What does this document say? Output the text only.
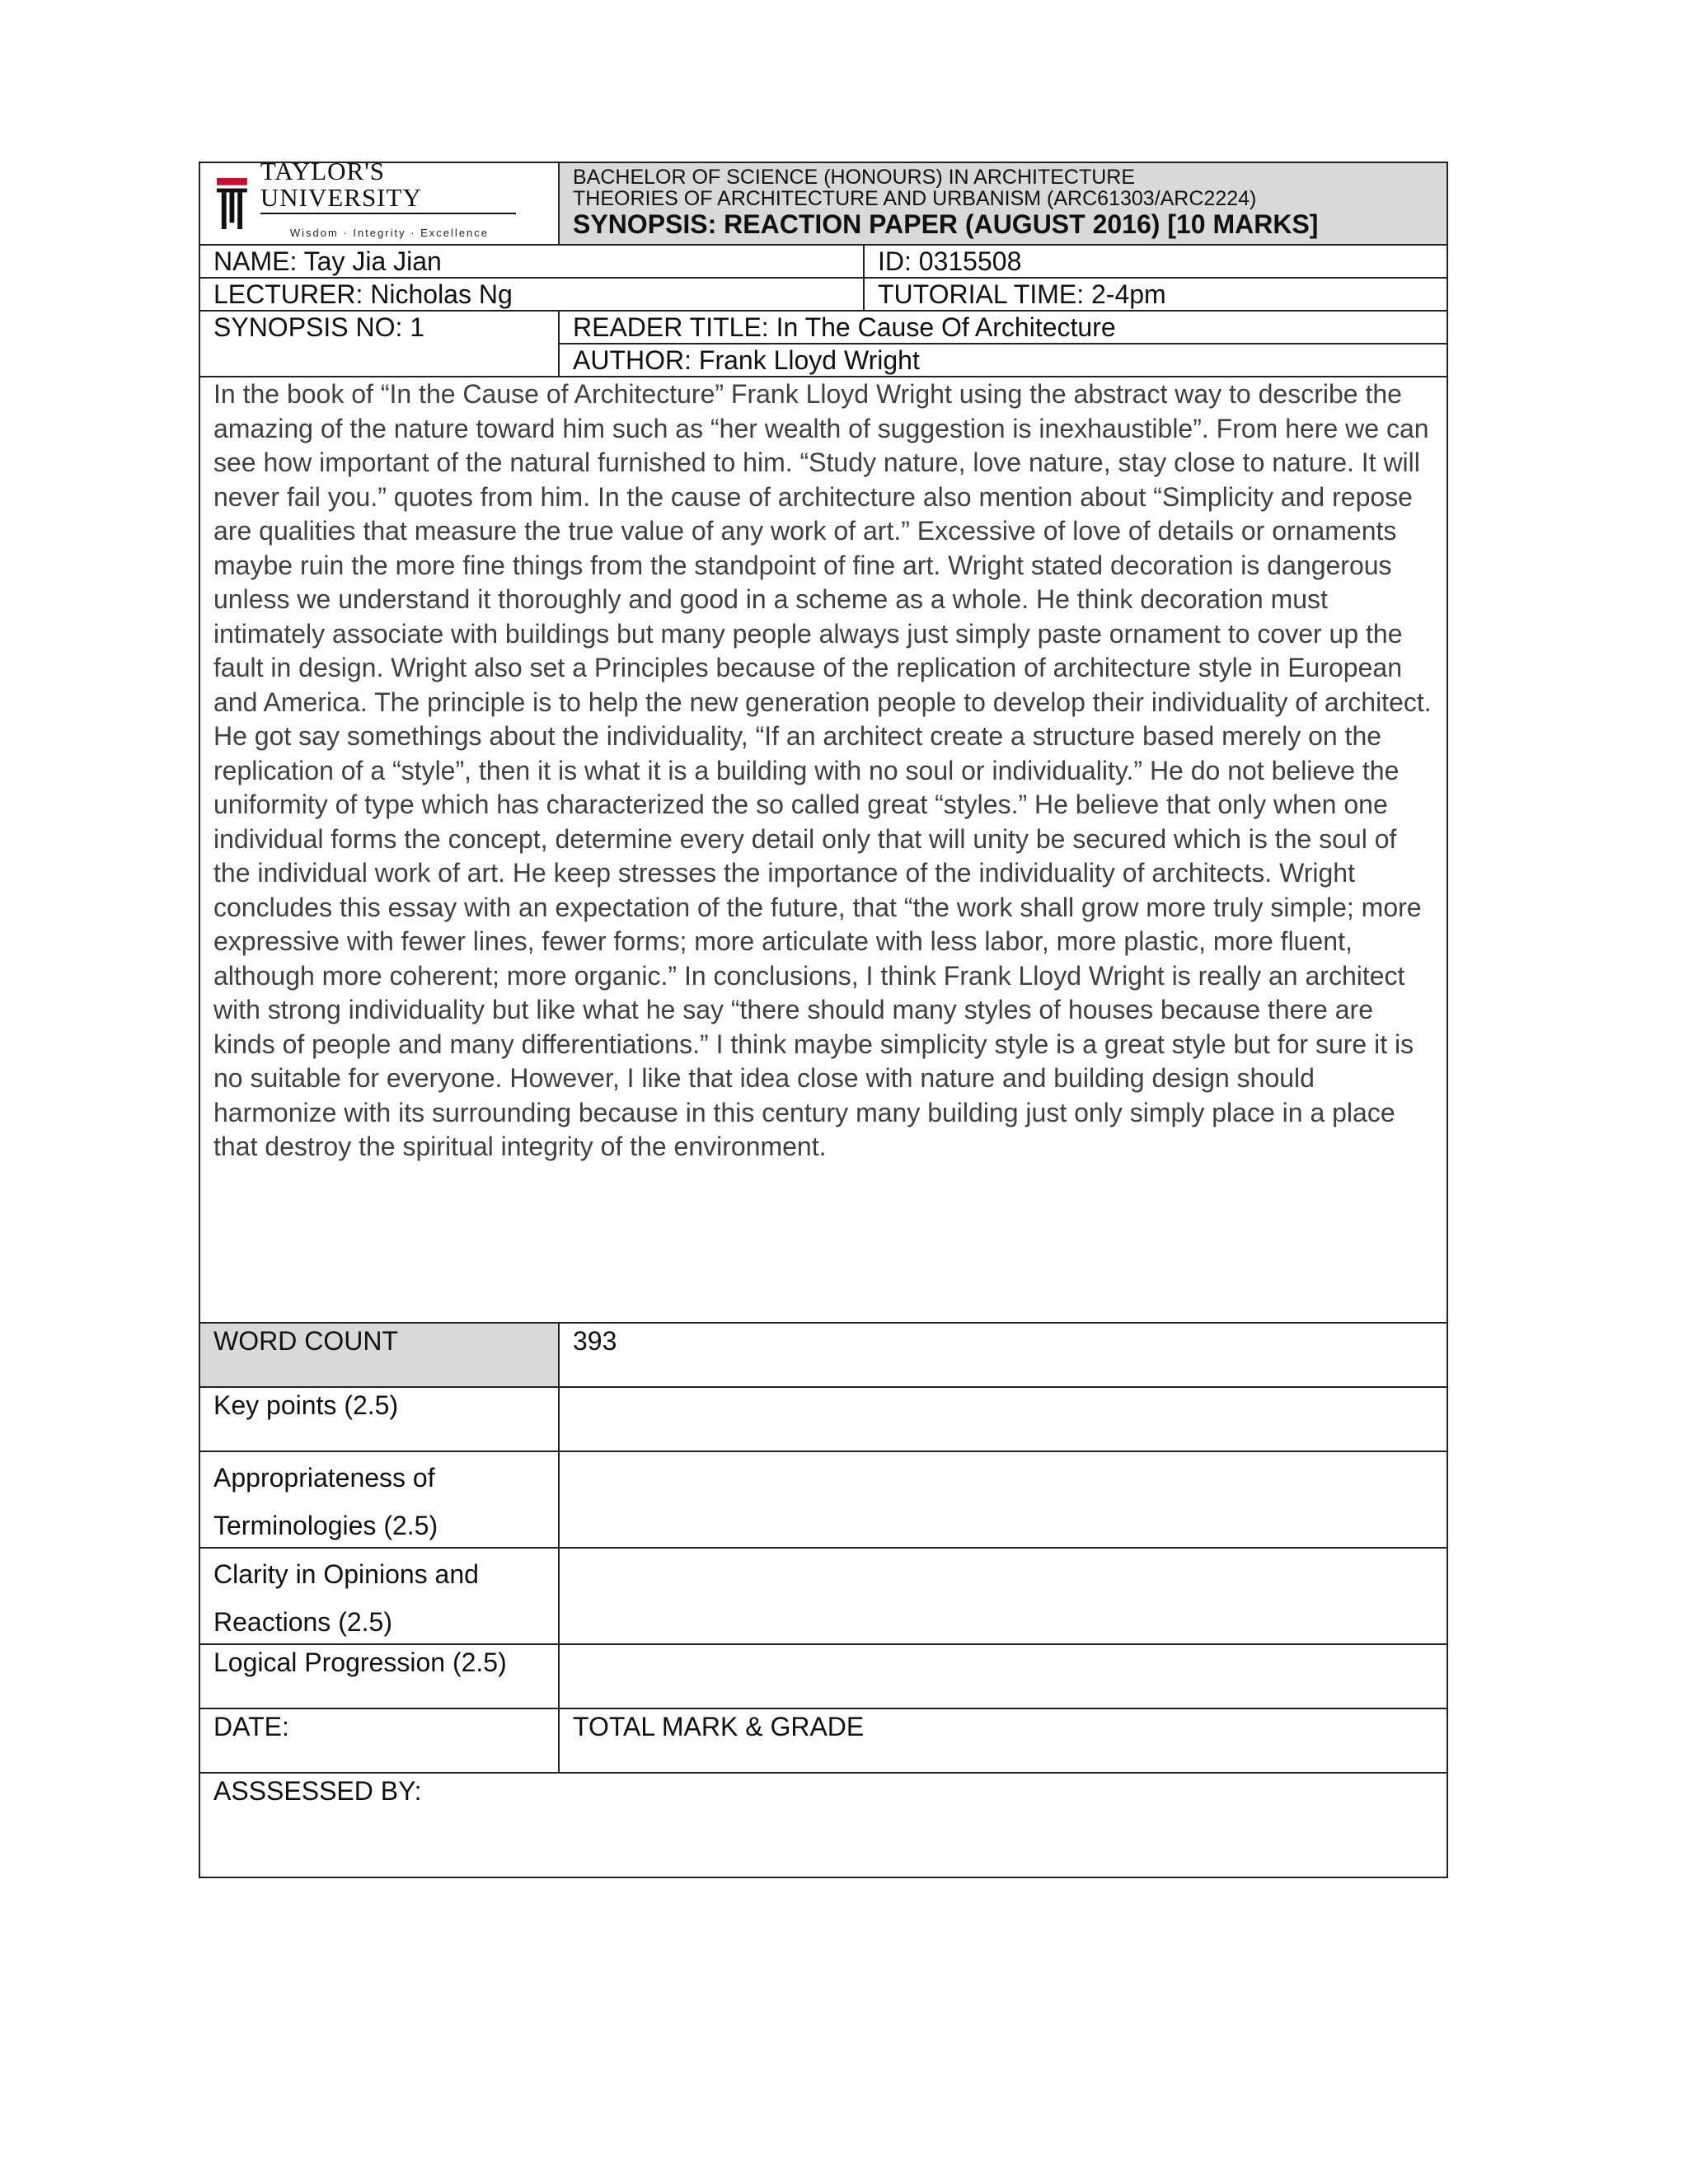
TAYLOR'S UNIVERSITY
Wisdom · Integrity · Excellence
BACHELOR OF SCIENCE (HONOURS) IN ARCHITECTURE
THEORIES OF ARCHITECTURE AND URBANISM (ARC61303/ARC2224)
SYNOPSIS: REACTION PAPER (AUGUST 2016) [10 MARKS]
NAME: Tay Jia Jian	ID: 0315508
LECTURER: Nicholas Ng	TUTORIAL TIME: 2-4pm
SYNOPSIS NO: 1	READER TITLE: In The Cause Of Architecture
AUTHOR: Frank Lloyd Wright
In the book of “In the Cause of Architecture” Frank Lloyd Wright using the abstract way to describe the amazing of the nature toward him such as “her wealth of suggestion is inexhaustible”. From here we can see how important of the natural furnished to him. “Study nature, love nature, stay close to nature. It will never fail you.” quotes from him. In the cause of architecture also mention about “Simplicity and repose are qualities that measure the true value of any work of art.” Excessive of love of details or ornaments maybe ruin the more fine things from the standpoint of fine art. Wright stated decoration is dangerous unless we understand it thoroughly and good in a scheme as a whole. He think decoration must intimately associate with buildings but many people always just simply paste ornament to cover up the fault in design. Wright also set a Principles because of the replication of architecture style in European and America. The principle is to help the new generation people to develop their individuality of architect. He got say somethings about the individuality, “If an architect create a structure based merely on the replication of a “style”, then it is what it is a building with no soul or individuality.” He do not believe the uniformity of type which has characterized the so called great “styles.” He believe that only when one individual forms the concept, determine every detail only that will unity be secured which is the soul of the individual work of art. He keep stresses the importance of the individuality of architects. Wright concludes this essay with an expectation of the future, that “the work shall grow more truly simple; more expressive with fewer lines, fewer forms; more articulate with less labor, more plastic, more fluent, although more coherent; more organic.” In conclusions, I think Frank Lloyd Wright is really an architect with strong individuality but like what he say “there should many styles of houses because there are kinds of people and many differentiations.” I think maybe simplicity style is a great style but for sure it is no suitable for everyone. However, I like that idea close with nature and building design should harmonize with its surrounding because in this century many building just only simply place in a place that destroy the spiritual integrity of the environment.
WORD COUNT	393
Key points (2.5)
Appropriateness of
Terminologies (2.5)
Clarity in Opinions and
Reactions (2.5)
Logical Progression (2.5)
DATE:	TOTAL MARK & GRADE
ASSSESSED BY:
